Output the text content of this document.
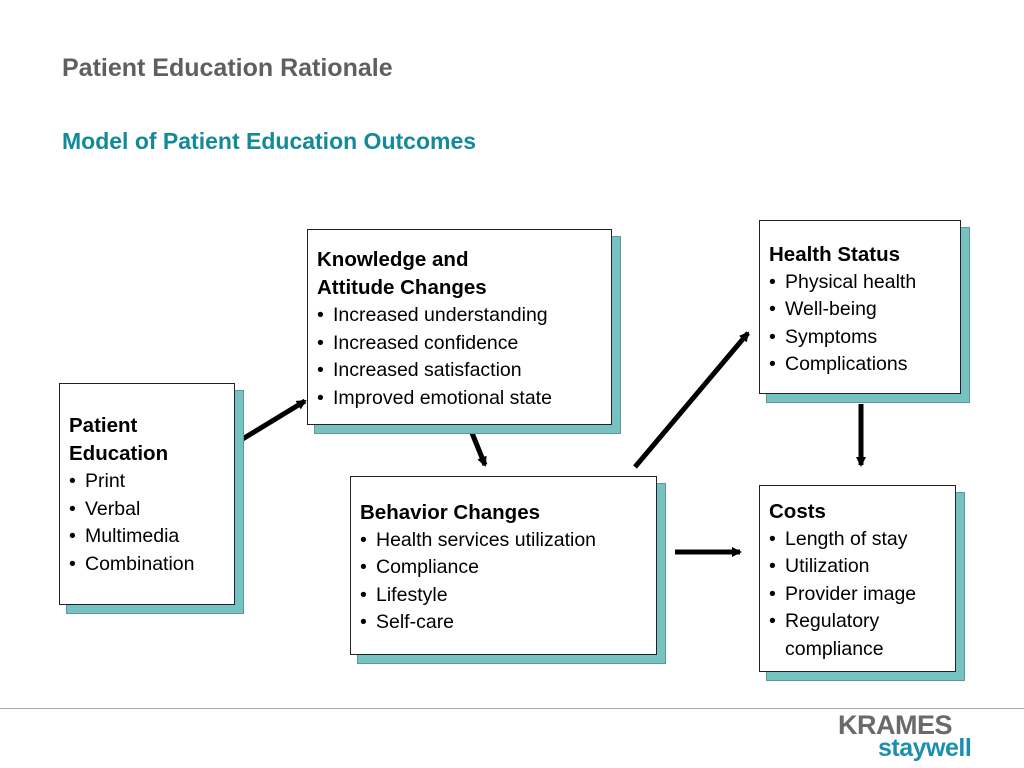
Patient Education Rationale
Model of Patient Education Outcomes
Patient
Education
• Print
• Verbal
• Multimedia
• Combination
Knowledge and
Attitude Changes
• Increased understanding
• Increased confidence
• Increased satisfaction
• Improved emotional state
Behavior Changes
• Health services utilization
• Compliance
• Lifestyle
• Self-care
Health Status
• Physical health
• Well-being
• Symptoms
• Complications
Costs
• Length of stay
• Utilization
• Provider image
• Regulatory compliance
KRAMES
staywell
